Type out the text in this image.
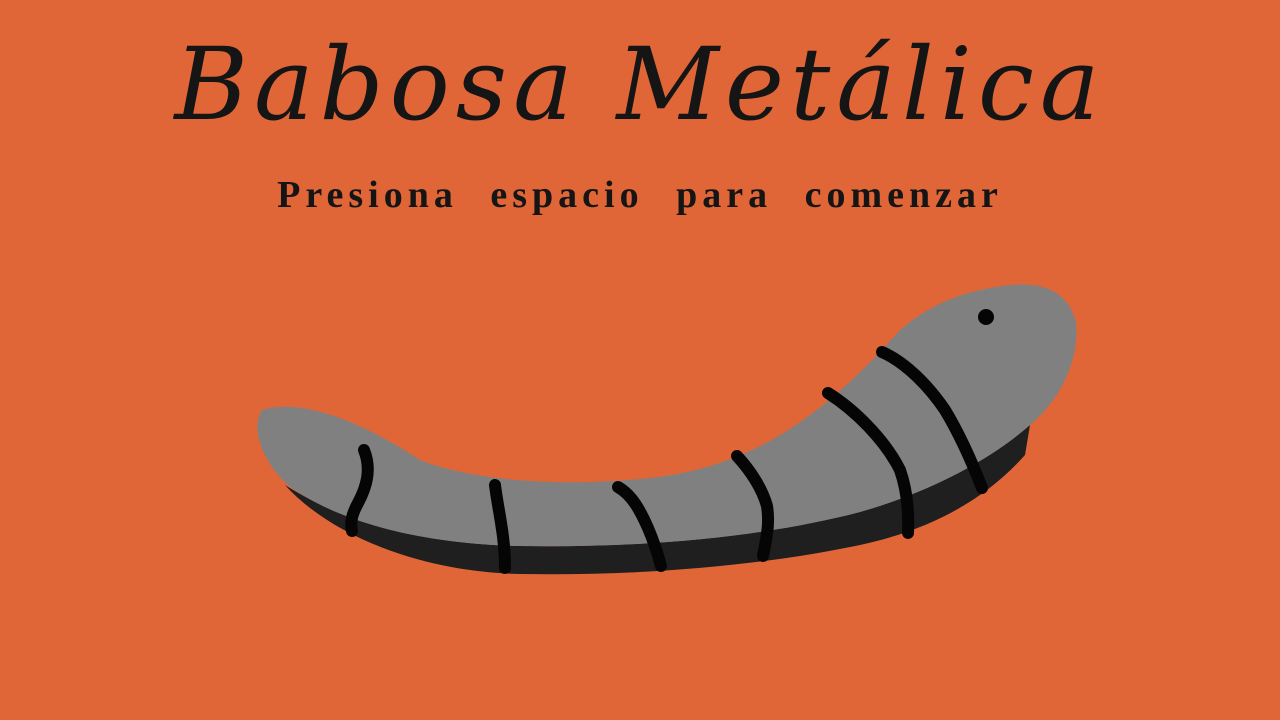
Babosa Metálica
Presiona espacio para comenzar
